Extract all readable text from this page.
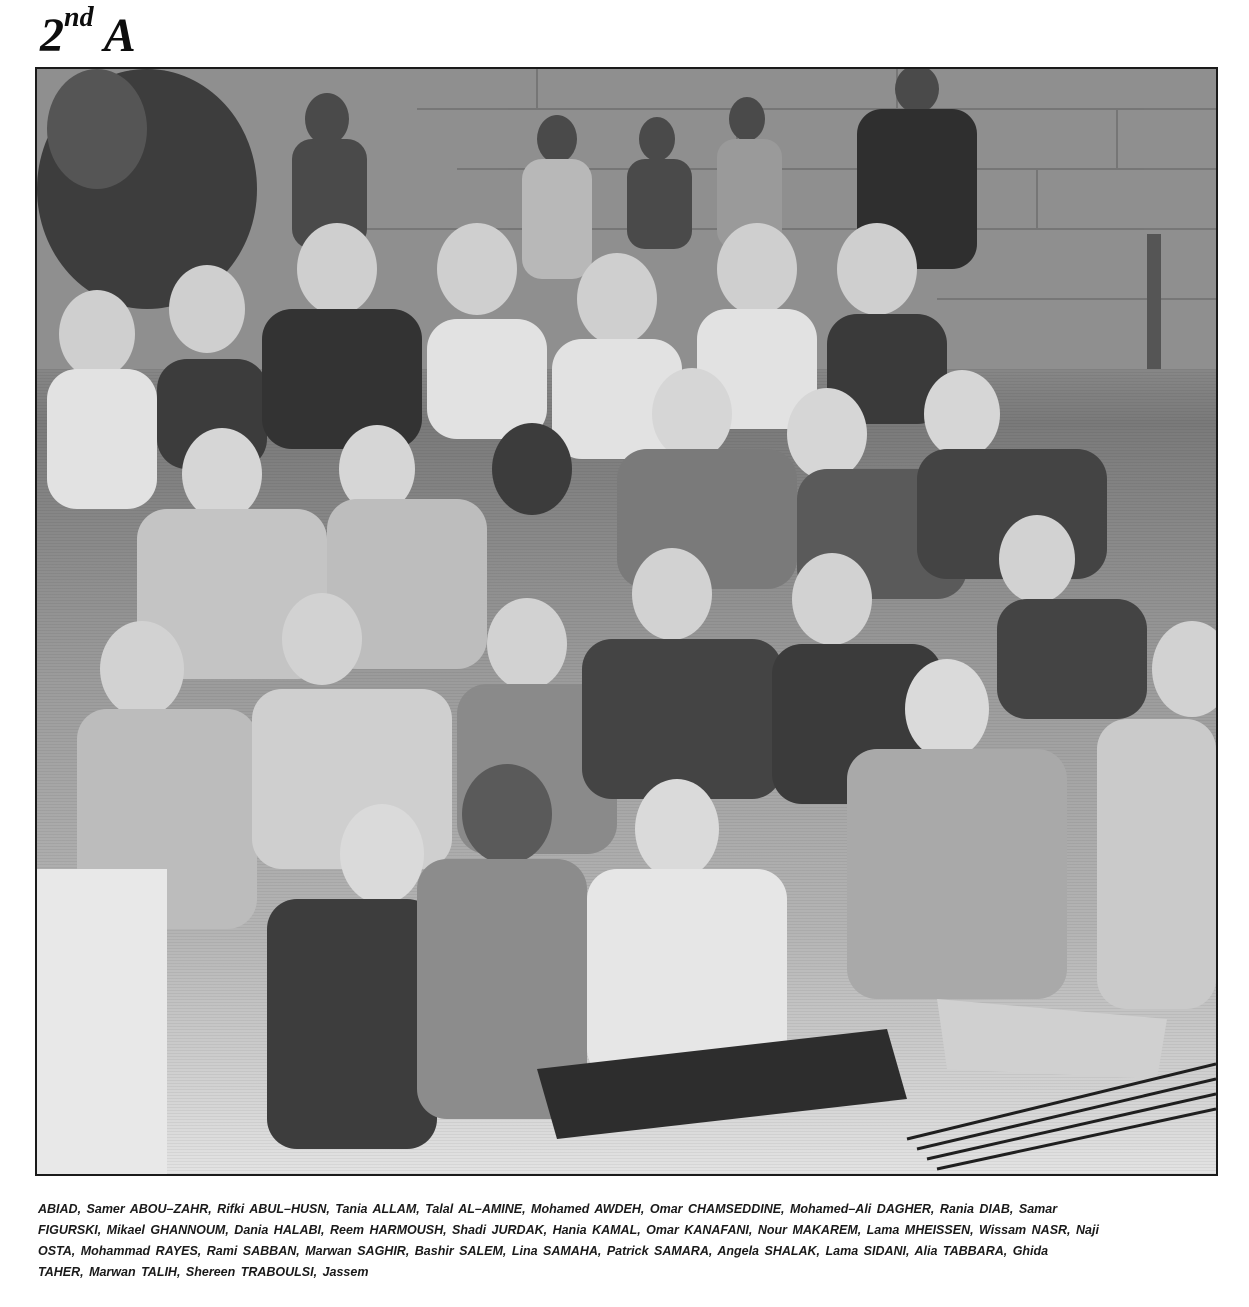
2nd A
ABIAD, Samer ABOU–ZAHR, Rifki ABUL–HUSN, Tania ALLAM, Talal AL–AMINE, Mohamed AWDEH, Omar CHAMSEDDINE, Mohamed–Ali DAGHER, Rania DIAB, Samar
FIGURSKI, Mikael GHANNOUM, Dania HALABI, Reem HARMOUSH, Shadi JURDAK, Hania KAMAL, Omar KANAFANI, Nour MAKAREM, Lama MHEISSEN, Wissam NASR, Naji
OSTA, Mohammad RAYES, Rami SABBAN, Marwan SAGHIR, Bashir SALEM, Lina SAMAHA, Patrick SAMARA, Angela SHALAK, Lama SIDANI, Alia TABBARA, Ghida
TAHER, Marwan TALIH, Shereen TRABOULSI, Jassem
